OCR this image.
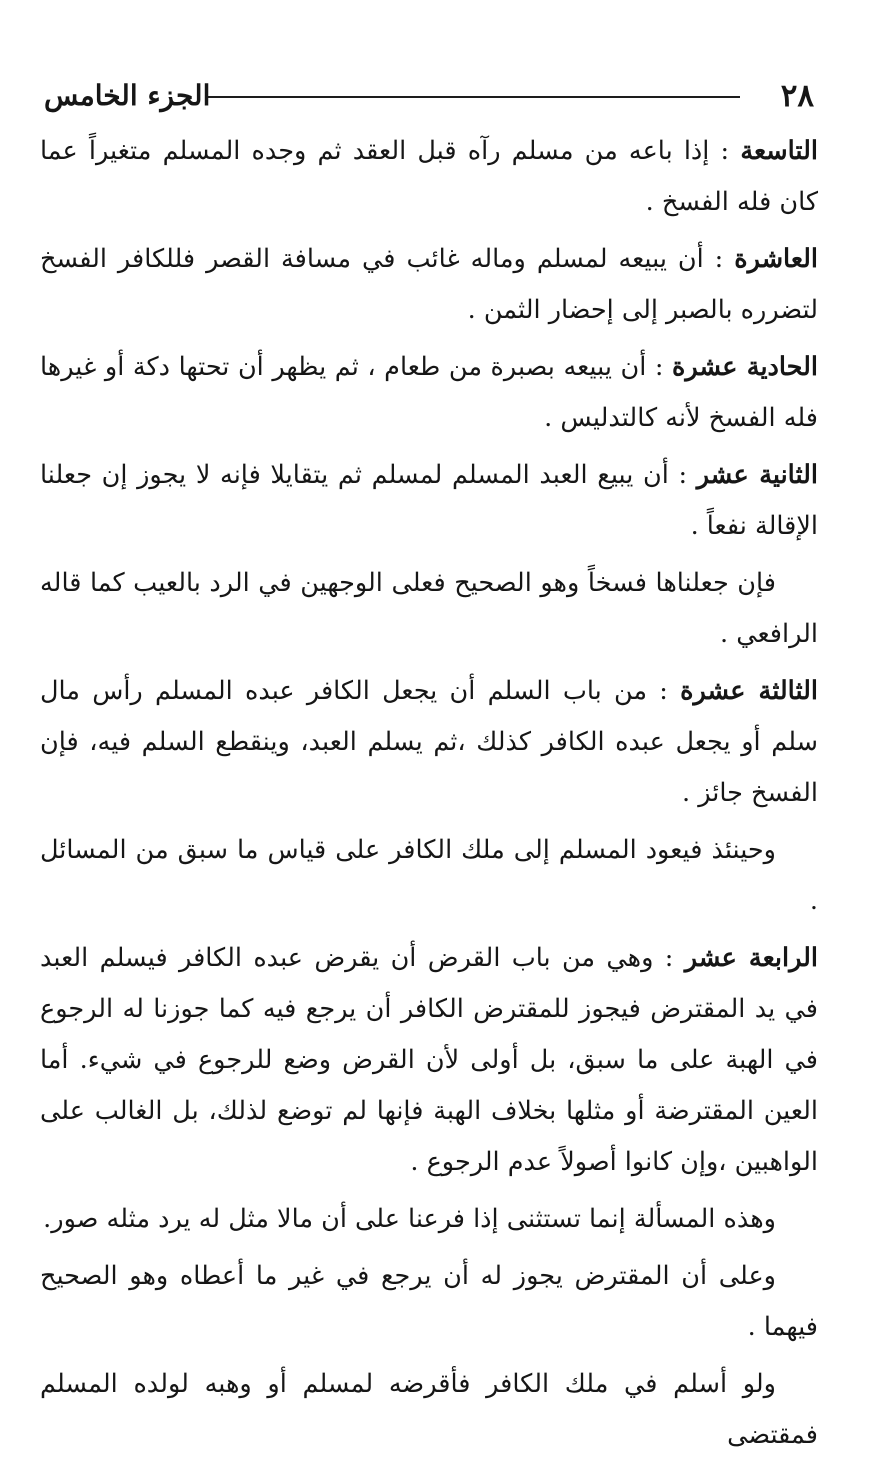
٢٨
الجزء الخامس

التاسعة : إذا باعه من مسلم رآه قبل العقد ثم وجده المسلم متغيراً عما كان فله الفسخ .

العاشرة : أن يبيعه لمسلم وماله غائب في مسافة القصر فللكافر الفسخ لتضرره بالصبر إلى إحضار الثمن .

الحادية عشرة : أن يبيعه بصبرة من طعام ، ثم يظهر أن تحتها دكة أو غيرها فله الفسخ لأنه كالتدليس .

الثانية عشر : أن يبيع العبد المسلم لمسلم ثم يتقايلا فإنه لا يجوز إن جعلنا الإقالة نفعاً .

فإن جعلناها فسخاً وهو الصحيح فعلى الوجهين في الرد بالعيب كما قاله الرافعي .

الثالثة عشرة : من باب السلم أن يجعل الكافر عبده المسلم رأس مال سلم أو يجعل عبده الكافر كذلك ،ثم يسلم العبد، وينقطع السلم فيه، فإن الفسخ جائز .

وحينئذ فيعود المسلم إلى ملك الكافر على قياس ما سبق من المسائل .

الرابعة عشر : وهي من باب القرض أن يقرض عبده الكافر فيسلم العبد في يد المقترض فيجوز للمقترض الكافر أن يرجع فيه كما جوزنا له الرجوع في الهبة على ما سبق، بل أولى لأن القرض وضع للرجوع في شيء. أما العين المقترضة أو مثلها بخلاف الهبة فإنها لم توضع لذلك، بل الغالب على الواهبين ،وإن كانوا أصولاً عدم الرجوع .

وهذه المسألة إنما تستثنى إذا فرعنا على أن مالا مثل له يرد مثله صور.

وعلى أن المقترض يجوز له أن يرجع في غير ما أعطاه وهو الصحيح فيهما .

ولو أسلم في ملك الكافر فأقرضه لمسلم أو وهبه لولده المسلم فمقتضى
